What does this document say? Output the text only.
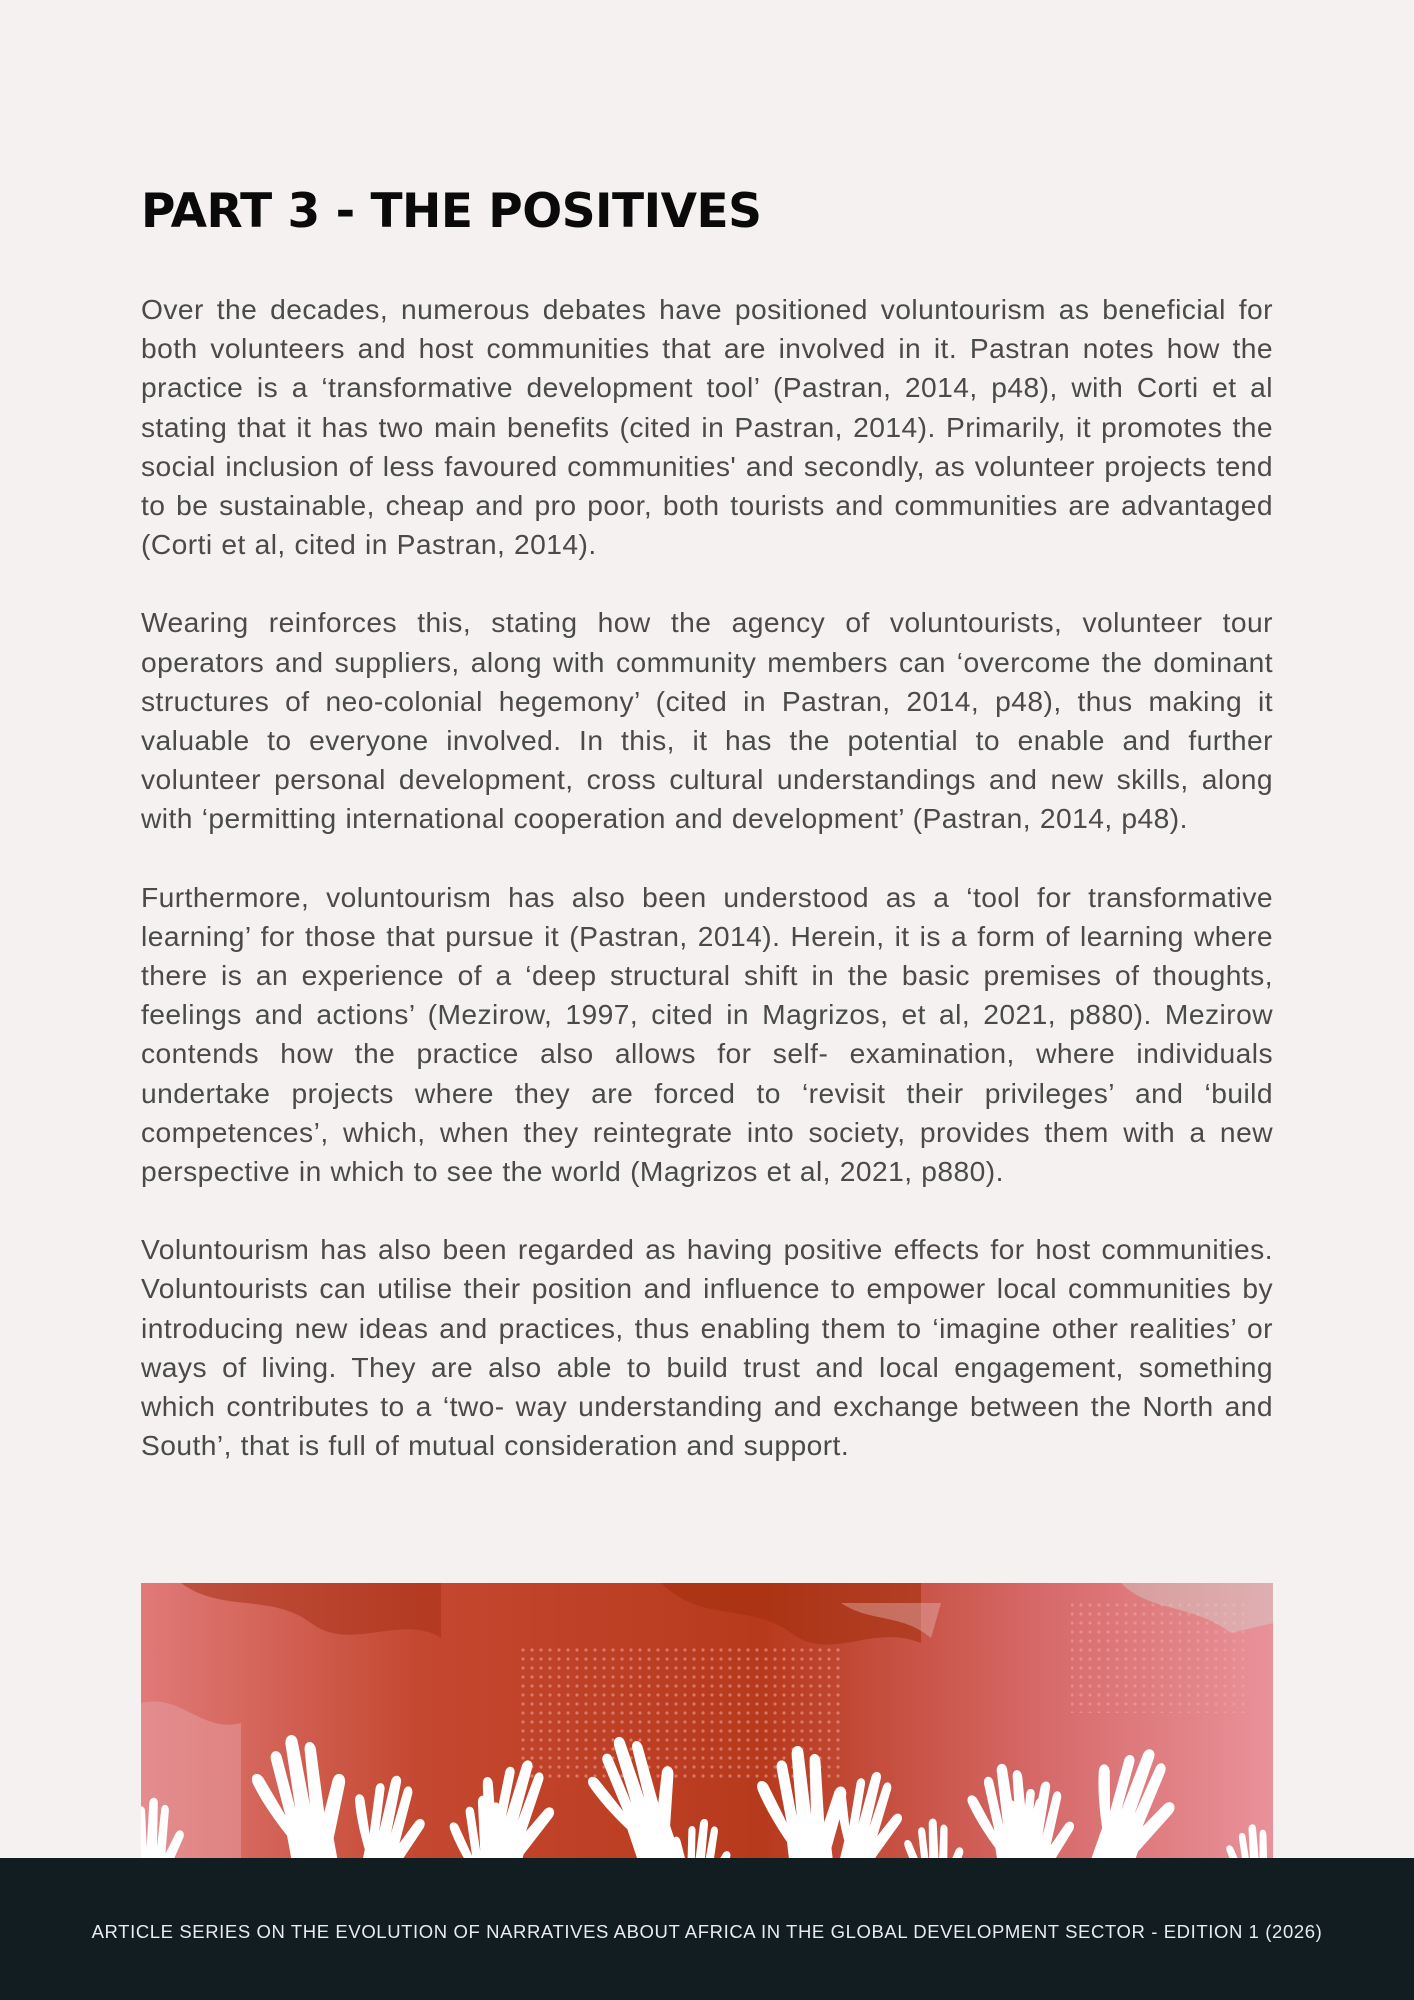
PART 3 - THE POSITIVES

Over the decades, numerous debates have positioned voluntourism as beneficial for both volunteers and host communities that are involved in it. Pastran notes how the practice is a ‘transformative development tool’ (Pastran, 2014, p48), with Corti et al stating that it has two main benefits (cited in Pastran, 2014). Primarily, it promotes the social inclusion of less favoured communities' and secondly, as volunteer projects tend to be sustainable, cheap and pro poor, both tourists and communities are advantaged (Corti et al, cited in Pastran, 2014).

Wearing reinforces this, stating how the agency of voluntourists, volunteer tour operators and suppliers, along with community members can ‘overcome the dominant structures of neo-colonial hegemony’ (cited in Pastran, 2014, p48), thus making it valuable to everyone involved. In this, it has the potential to enable and further volunteer personal development, cross cultural understandings and new skills, along with ‘permitting international cooperation and development’ (Pastran, 2014, p48).

Furthermore, voluntourism has also been understood as a ‘tool for transformative learning’ for those that pursue it (Pastran, 2014). Herein, it is a form of learning where there is an experience of a ‘deep structural shift in the basic premises of thoughts, feelings and actions’ (Mezirow, 1997, cited in Magrizos, et al, 2021, p880). Mezirow contends how the practice also allows for self- examination, where individuals undertake projects where they are forced to ‘revisit their privileges’ and ‘build competences’, which, when they reintegrate into society, provides them with a new perspective in which to see the world (Magrizos et al, 2021, p880).

Voluntourism has also been regarded as having positive effects for host communities. Voluntourists can utilise their position and influence to empower local communities by introducing new ideas and practices, thus enabling them to ‘imagine other realities’ or ways of living. They are also able to build trust and local engagement, something which contributes to a ‘two- way understanding and exchange between the North and South’, that is full of mutual consideration and support.

ARTICLE SERIES ON THE EVOLUTION OF NARRATIVES ABOUT AFRICA IN THE GLOBAL DEVELOPMENT SECTOR - EDITION 1 (2026)
